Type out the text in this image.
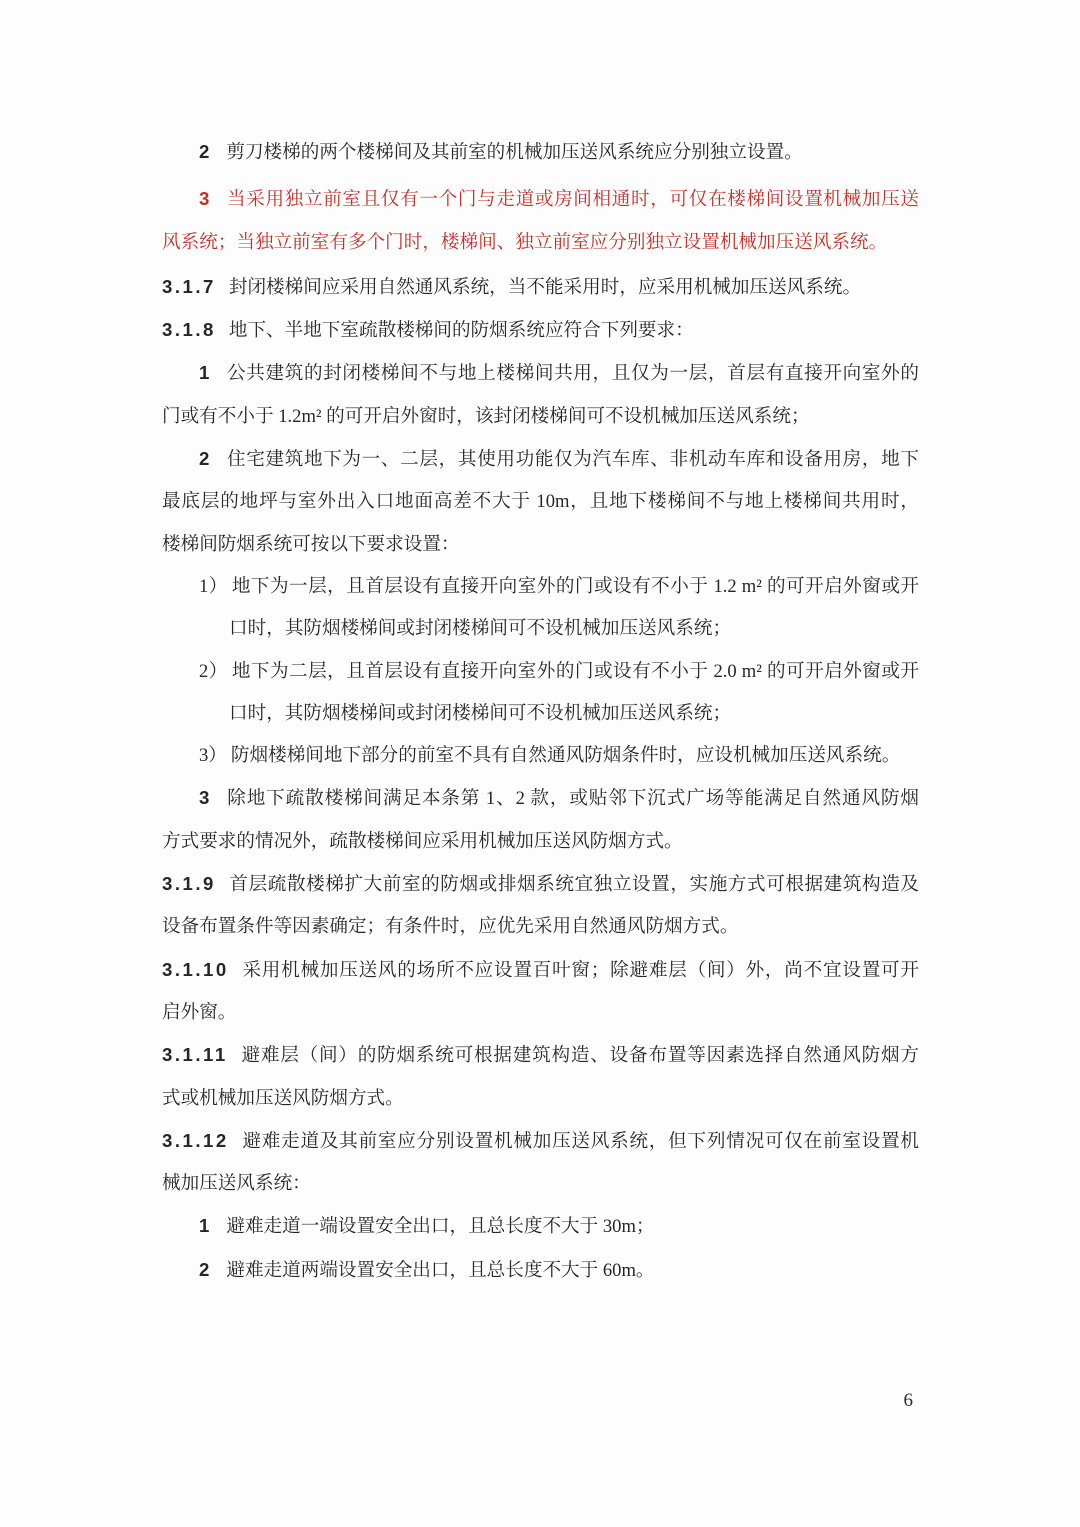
2 剪刀楼梯的两个楼梯间及其前室的机械加压送风系统应分别独立设置。
3 当采用独立前室且仅有一个门与走道或房间相通时，可仅在楼梯间设置机械加压送
风系统；当独立前室有多个门时，楼梯间、独立前室应分别独立设置机械加压送风系统。
3.1.7 封闭楼梯间应采用自然通风系统，当不能采用时，应采用机械加压送风系统。
3.1.8 地下、半地下室疏散楼梯间的防烟系统应符合下列要求：
1 公共建筑的封闭楼梯间不与地上楼梯间共用，且仅为一层，首层有直接开向室外的
门或有不小于 1.2m² 的可开启外窗时，该封闭楼梯间可不设机械加压送风系统；
2 住宅建筑地下为一、二层，其使用功能仅为汽车库、非机动车库和设备用房，地下
最底层的地坪与室外出入口地面高差不大于 10m，且地下楼梯间不与地上楼梯间共用时，
楼梯间防烟系统可按以下要求设置：
1） 地下为一层，且首层设有直接开向室外的门或设有不小于 1.2 m² 的可开启外窗或开
口时，其防烟楼梯间或封闭楼梯间可不设机械加压送风系统；
2） 地下为二层，且首层设有直接开向室外的门或设有不小于 2.0 m² 的可开启外窗或开
口时，其防烟楼梯间或封闭楼梯间可不设机械加压送风系统；
3） 防烟楼梯间地下部分的前室不具有自然通风防烟条件时，应设机械加压送风系统。
3 除地下疏散楼梯间满足本条第 1、2 款，或贴邻下沉式广场等能满足自然通风防烟
方式要求的情况外，疏散楼梯间应采用机械加压送风防烟方式。
3.1.9 首层疏散楼梯扩大前室的防烟或排烟系统宜独立设置，实施方式可根据建筑构造及
设备布置条件等因素确定；有条件时，应优先采用自然通风防烟方式。
3.1.10 采用机械加压送风的场所不应设置百叶窗；除避难层（间）外，尚不宜设置可开
启外窗。
3.1.11 避难层（间）的防烟系统可根据建筑构造、设备布置等因素选择自然通风防烟方
式或机械加压送风防烟方式。
3.1.12 避难走道及其前室应分别设置机械加压送风系统，但下列情况可仅在前室设置机
械加压送风系统：
1 避难走道一端设置安全出口，且总长度不大于 30m；
2 避难走道两端设置安全出口，且总长度不大于 60m。
6
